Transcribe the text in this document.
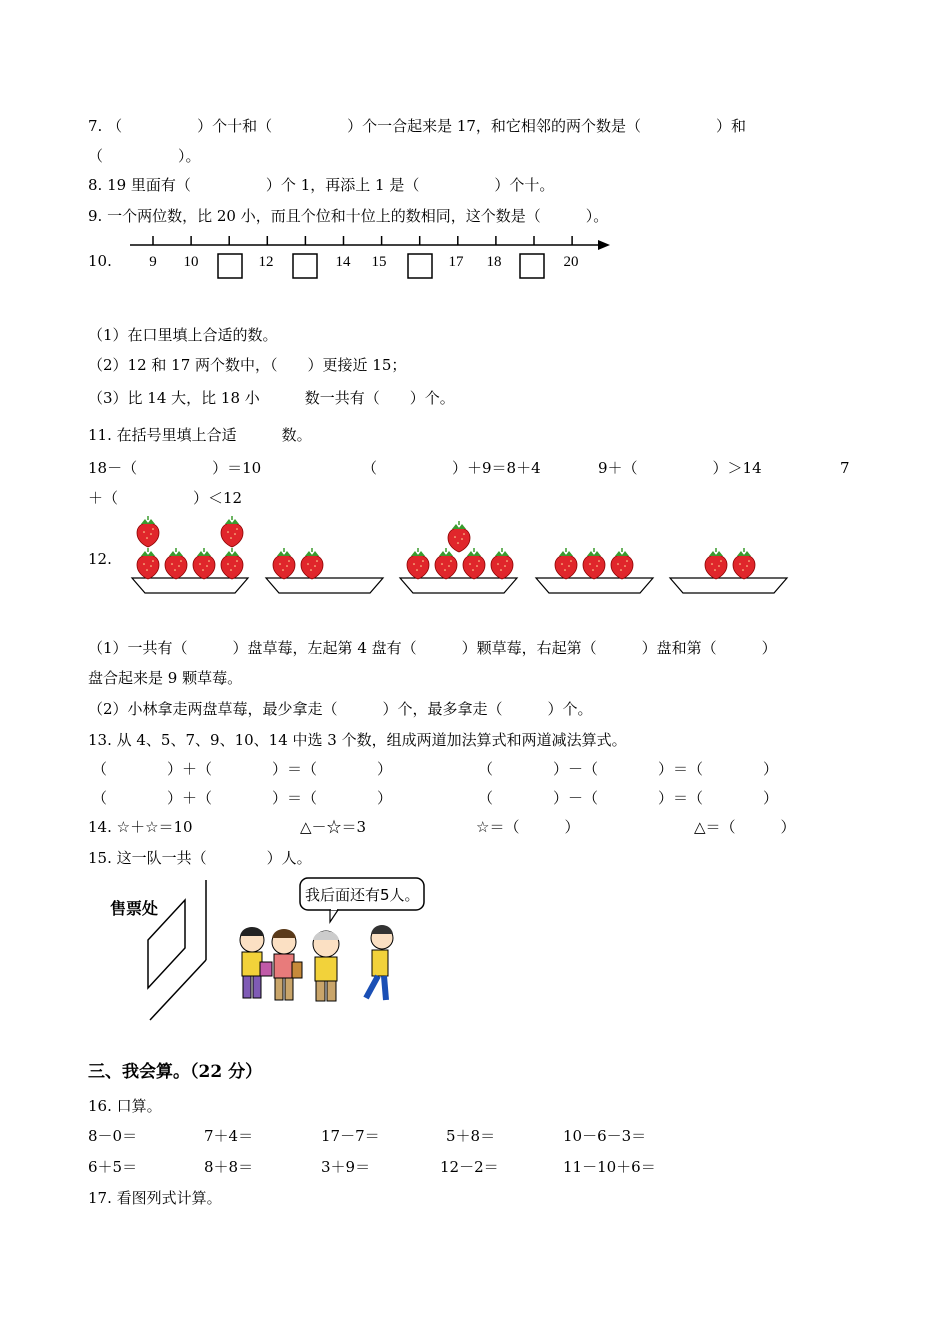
7. （　　　　　）个十和（　　　　　）个一合起来是 17，和它相邻的两个数是（　　　　　）和
（　　　　　）。
8. 19 里面有（　　　　　）个 1，再添上 1 是（　　　　　）个十。
9. 一个两位数，比 20 小，而且个位和十位上的数相同，这个数是（　　　）。
10. 9 10	12	14 15	17 18	20
（1）在口里填上合适的数。
（2）12 和 17 两个数中，（　　）更接近 15；
（3）比 14 大，比 18 小　　　数一共有（　　）个。
11. 在括号里填上合适　　　数。
18－（　　　　　）＝10	（　　　　　）＋9＝8＋4	9＋（　　　　　）＞14	7
＋（　　　　　）＜12
12.
（1）一共有（　　　）盘草莓，左起第 4 盘有（　　　）颗草莓，右起第（　　　）盘和第（　　　）
盘合起来是 9 颗草莓。
（2）小林拿走两盘草莓，最少拿走（　　　）个，最多拿走（　　　）个。
13. 从 4、5、7、9、10、14 中选 3 个数，组成两道加法算式和两道减法算式。
（　　　　）＋（　　　　）＝（　　　　）	（　　　　）－（　　　　）＝（　　　　）
（　　　　）＋（　　　　）＝（　　　　）	（　　　　）－（　　　　）＝（　　　　）
14. ☆＋☆＝10	△－☆＝3	☆＝（　　　）	△＝（　　　）
15. 这一队一共（　　　　）人。
售票处
我后面还有5人。
三、我会算。（22 分）
16. 口算。
8－0＝	7＋4＝	17－7＝	5＋8＝	10－6－3＝
6＋5＝	8＋8＝	3＋9＝	12－2＝	11－10＋6＝
17. 看图列式计算。
